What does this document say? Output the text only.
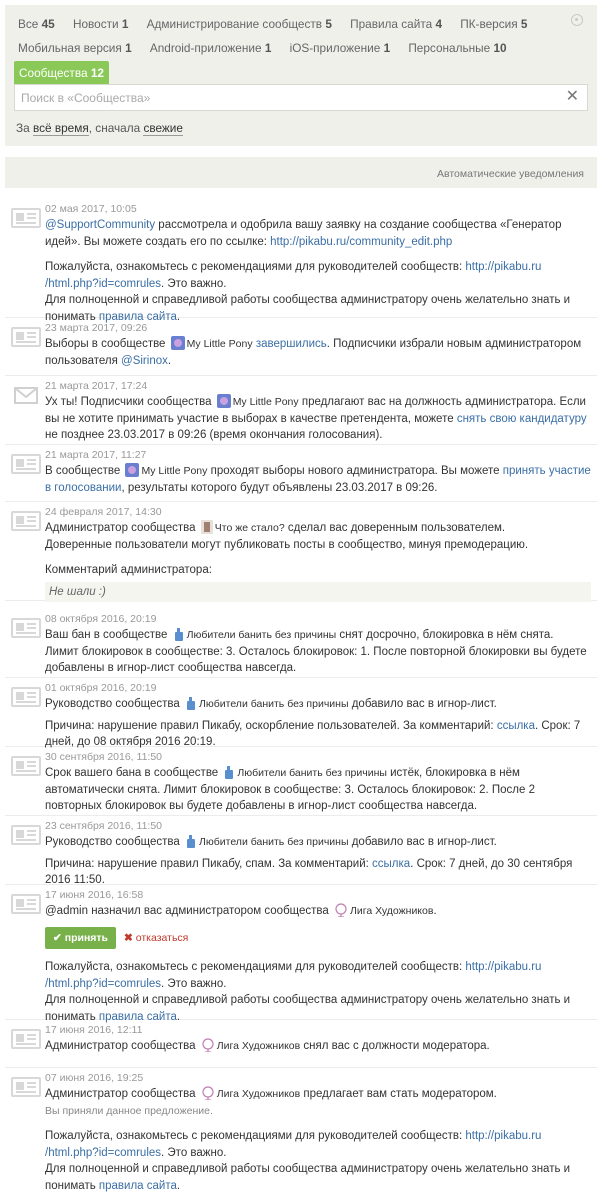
Все 45 Новости 1 Администрирование сообществ 5 Правила сайта 4 ПК-версия 5
Мобильная версия 1 Android-приложение 1 iOS-приложение 1 Персональные 10 Сообщества 12

Поиск в «Сообщества»
✕
За всё время, сначала свежие
Автоматические уведомления
02 мая 2017, 10:05
@SupportCommunity рассмотрела и одобрила вашу заявку на создание сообщества «Генератор идей». Вы можете создать его по ссылке: http://pikabu.ru/community_edit.php
Пожалуйста, ознакомьтесь с рекомендациями для руководителей сообществ: http://pikabu.ru /html.php?id=comrules. Это важно.
Для полноценной и справедливой работы сообщества администратору очень желательно знать и понимать правила сайта.
23 марта 2017, 09:26
Выборы в сообществе My Little Pony завершились. Подписчики избрали новым администратором пользователя @Sirinox.
21 марта 2017, 17:24
Ух ты! Подписчики сообщества My Little Pony предлагают вас на должность администратора. Если вы не хотите принимать участие в выборах в качестве претендента, можете снять свою кандидатуру не позднее 23.03.2017 в 09:26 (время окончания голосования).
21 марта 2017, 11:27
В сообществе My Little Pony проходят выборы нового администратора. Вы можете принять участие в голосовании, результаты которого будут объявлены 23.03.2017 в 09:26.
24 февраля 2017, 14:30
Администратор сообщества Что же стало? сделал вас доверенным пользователем.
Доверенные пользователи могут публиковать посты в сообщество, минуя премодерацию.
Комментарий администратора:
Не шали :)
08 октября 2016, 20:19
Ваш бан в сообществе Любители банить без причины снят досрочно, блокировка в нём снята.
Лимит блокировок в сообществе: 3. Осталось блокировок: 1. После повторной блокировки вы будете добавлены в игнор-лист сообщества навсегда.
01 октября 2016, 20:19
Руководство сообщества Любители банить без причины добавило вас в игнор-лист.
Причина: нарушение правил Пикабу, оскорбление пользователей. За комментарий: ссылка. Срок: 7 дней, до 08 октября 2016 20:19.
30 сентября 2016, 11:50
Срок вашего бана в сообществе Любители банить без причины истёк, блокировка в нём автоматически снята. Лимит блокировок в сообществе: 3. Осталось блокировок: 2. После 2 повторных блокировок вы будете добавлены в игнор-лист сообщества навсегда.
23 сентября 2016, 11:50
Руководство сообщества Любители банить без причины добавило вас в игнор-лист.
Причина: нарушение правил Пикабу, спам. За комментарий: ссылка. Срок: 7 дней, до 30 сентября 2016 11:50.
17 июня 2016, 16:58
@admin назначил вас администратором сообщества Лига Художников.
✔ принять ✖ отказаться
Пожалуйста, ознакомьтесь с рекомендациями для руководителей сообществ: http://pikabu.ru /html.php?id=comrules. Это важно.
Для полноценной и справедливой работы сообщества администратору очень желательно знать и понимать правила сайта.
17 июня 2016, 12:11
Администратор сообщества Лига Художников снял вас с должности модератора.
07 июня 2016, 19:25
Администратор сообщества Лига Художников предлагает вам стать модератором.
Вы приняли данное предложение.
Пожалуйста, ознакомьтесь с рекомендациями для руководителей сообществ: http://pikabu.ru /html.php?id=comrules. Это важно.
Для полноценной и справедливой работы сообщества администратору очень желательно знать и понимать правила сайта.
